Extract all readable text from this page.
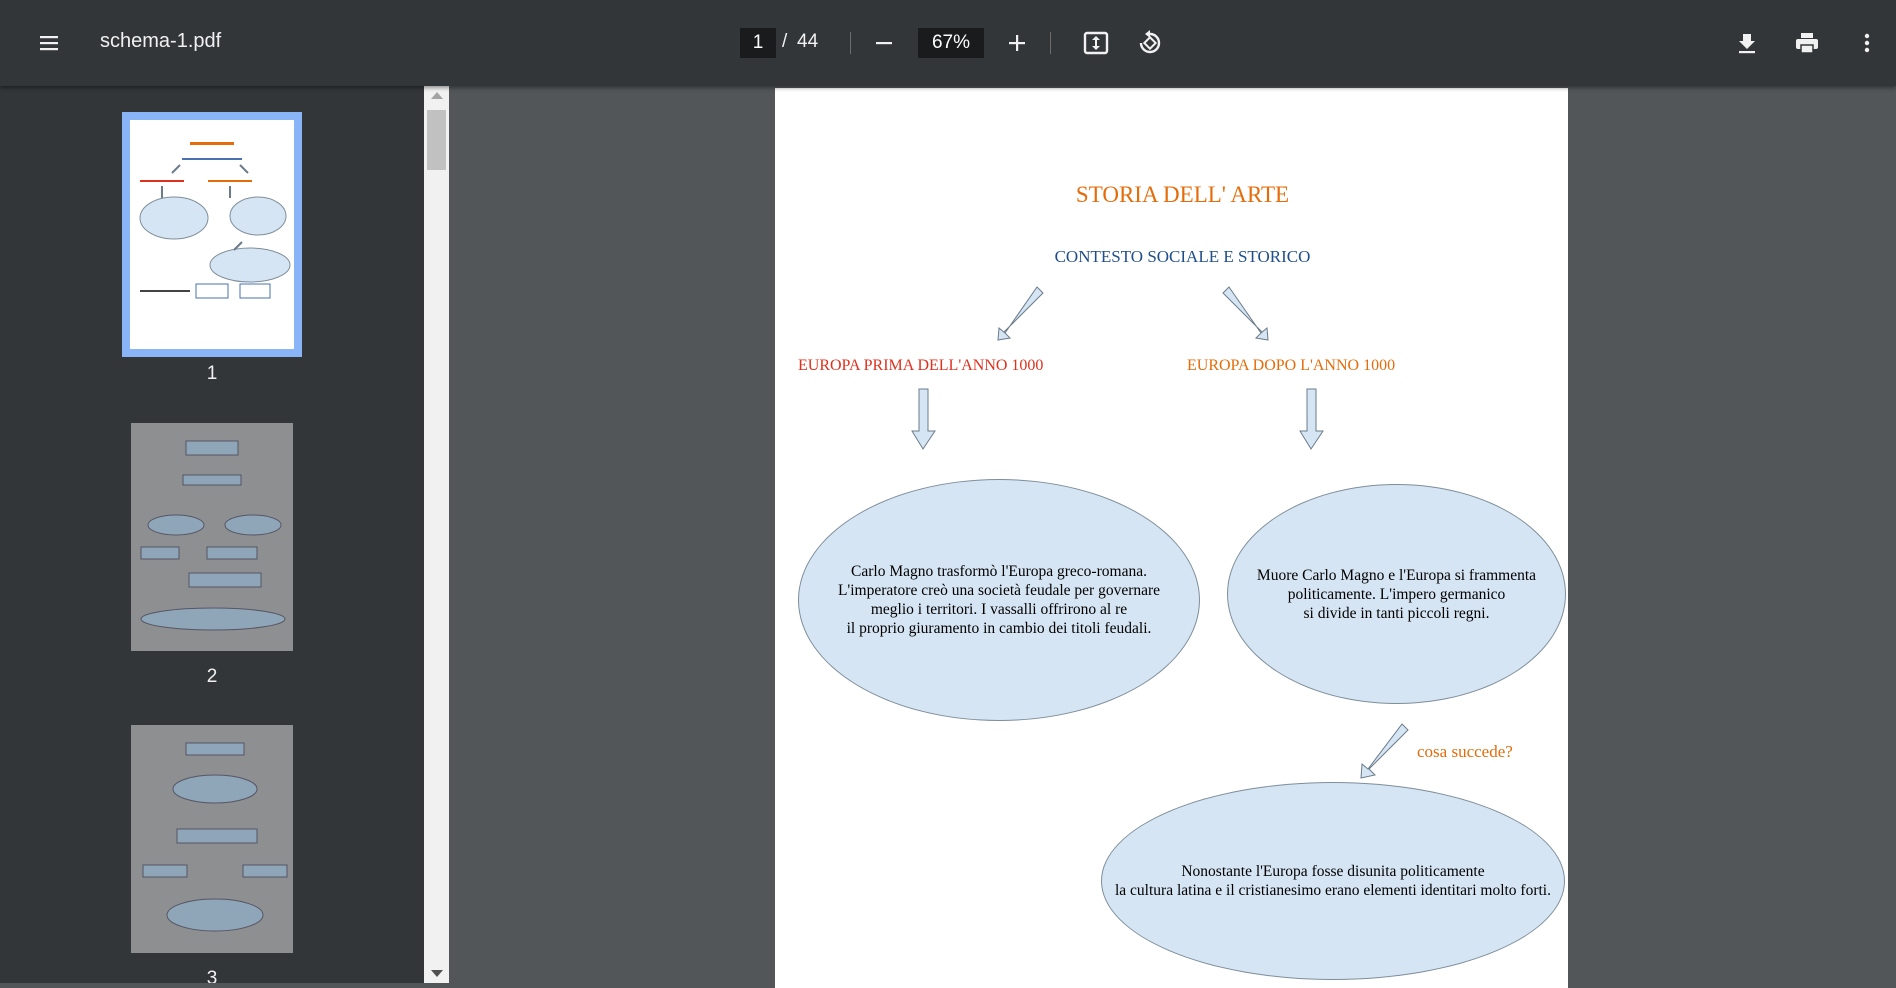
schema-1.pdf	1 / 44	67%
1
2
3
STORIA DELL' ARTE
CONTESTO SOCIALE E STORICO
EUROPA PRIMA DELL'ANNO 1000	EUROPA DOPO L'ANNO 1000
Carlo Magno trasformò l'Europa greco-romana.
L'imperatore creò una società feudale per governare
meglio i territori. I vassalli offrirono al re
il proprio giuramento in cambio dei titoli feudali.
Muore Carlo Magno e l'Europa si frammenta
politicamente. L'impero germanico
si divide in tanti piccoli regni.
cosa succede?
Nonostante l'Europa fosse disunita politicamente
la cultura latina e il cristianesimo erano elementi identitari molto forti.
